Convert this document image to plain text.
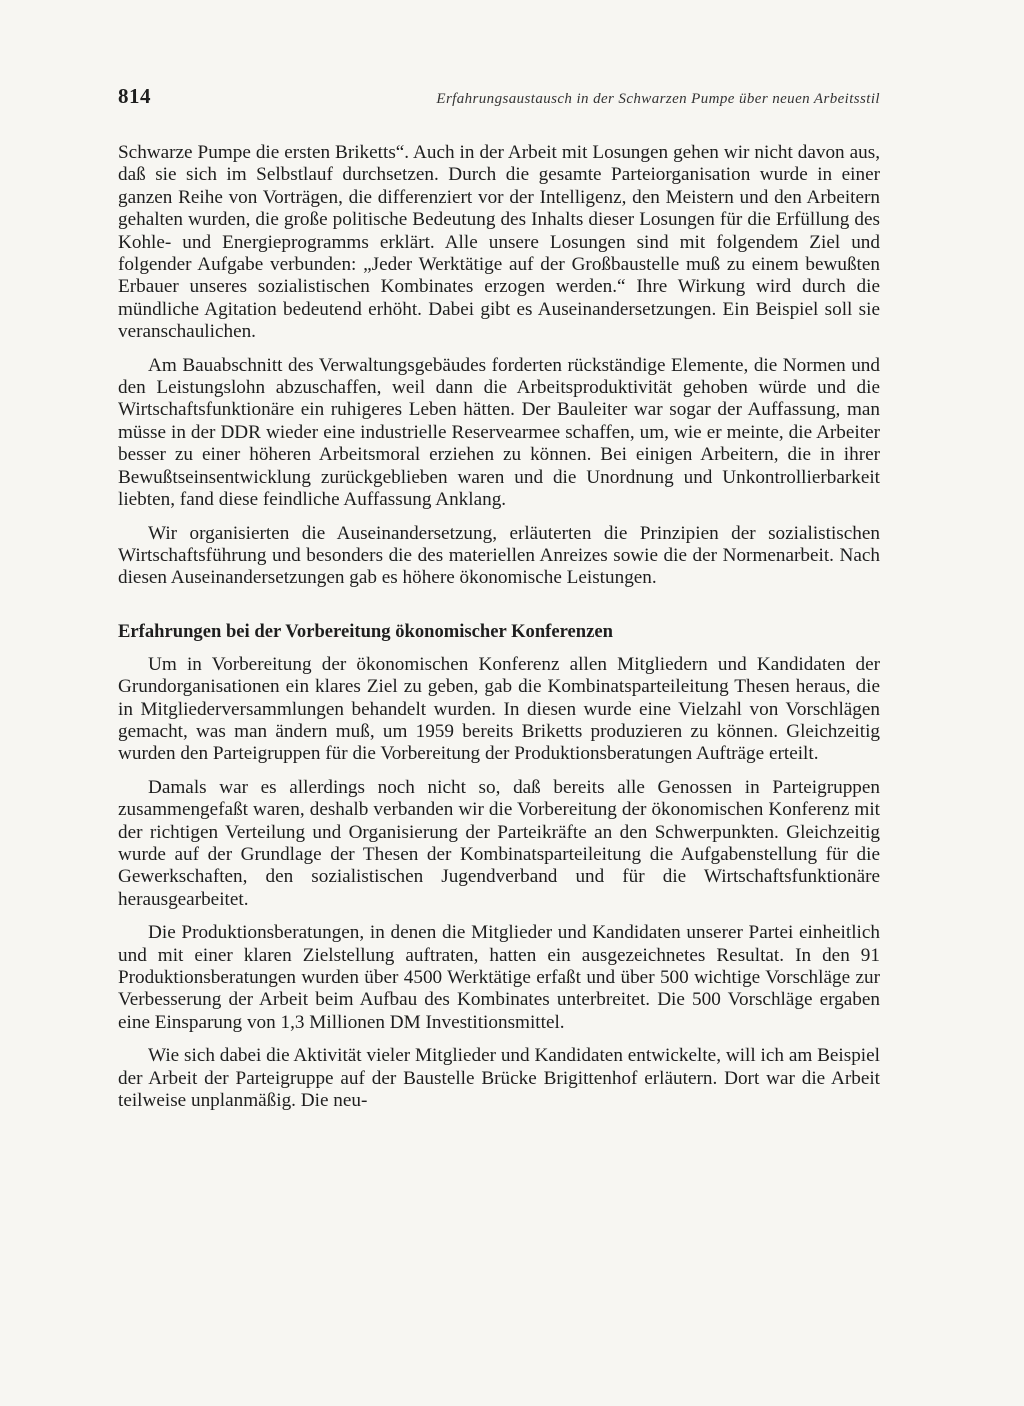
814	Erfahrungsaustausch in der Schwarzen Pumpe über neuen Arbeitsstil

Schwarze Pumpe die ersten Briketts“. Auch in der Arbeit mit Losungen gehen wir nicht davon aus, daß sie sich im Selbstlauf durchsetzen. Durch die gesamte Parteiorganisation wurde in einer ganzen Reihe von Vorträgen, die differenziert vor der Intelligenz, den Meistern und den Arbeitern gehalten wurden, die große politische Bedeutung des Inhalts dieser Losungen für die Erfüllung des Kohle- und Energieprogramms erklärt. Alle unsere Losungen sind mit folgendem Ziel und folgender Aufgabe verbunden: „Jeder Werktätige auf der Großbaustelle muß zu einem bewußten Erbauer unseres sozialistischen Kombinates erzogen werden.“ Ihre Wirkung wird durch die mündliche Agitation bedeutend erhöht. Dabei gibt es Auseinandersetzungen. Ein Beispiel soll sie veranschaulichen.

Am Bauabschnitt des Verwaltungsgebäudes forderten rückständige Elemente, die Normen und den Leistungslohn abzuschaffen, weil dann die Arbeitsproduktivität gehoben würde und die Wirtschaftsfunktionäre ein ruhigeres Leben hätten. Der Bauleiter war sogar der Auffassung, man müsse in der DDR wieder eine industrielle Reservearmee schaffen, um, wie er meinte, die Arbeiter besser zu einer höheren Arbeitsmoral erziehen zu können. Bei einigen Arbeitern, die in ihrer Bewußtseinsentwicklung zurückgeblieben waren und die Unordnung und Unkontrollierbarkeit liebten, fand diese feindliche Auffassung Anklang.

Wir organisierten die Auseinandersetzung, erläuterten die Prinzipien der sozialistischen Wirtschaftsführung und besonders die des materiellen Anreizes sowie die der Normenarbeit. Nach diesen Auseinandersetzungen gab es höhere ökonomische Leistungen.

Erfahrungen bei der Vorbereitung ökonomischer Konferenzen

Um in Vorbereitung der ökonomischen Konferenz allen Mitgliedern und Kandidaten der Grundorganisationen ein klares Ziel zu geben, gab die Kombinatsparteileitung Thesen heraus, die in Mitgliederversammlungen behandelt wurden. In diesen wurde eine Vielzahl von Vorschlägen gemacht, was man ändern muß, um 1959 bereits Briketts produzieren zu können. Gleichzeitig wurden den Parteigruppen für die Vorbereitung der Produktionsberatungen Aufträge erteilt.

Damals war es allerdings noch nicht so, daß bereits alle Genossen in Parteigruppen zusammengefaßt waren, deshalb verbanden wir die Vorbereitung der ökonomischen Konferenz mit der richtigen Verteilung und Organisierung der Parteikräfte an den Schwerpunkten. Gleichzeitig wurde auf der Grundlage der Thesen der Kombinatsparteileitung die Aufgabenstellung für die Gewerkschaften, den sozialistischen Jugendverband und für die Wirtschaftsfunktionäre herausgearbeitet.

Die Produktionsberatungen, in denen die Mitglieder und Kandidaten unserer Partei einheitlich und mit einer klaren Zielstellung auftraten, hatten ein ausgezeichnetes Resultat. In den 91 Produktionsberatungen wurden über 4500 Werktätige erfaßt und über 500 wichtige Vorschläge zur Verbesserung der Arbeit beim Aufbau des Kombinates unterbreitet. Die 500 Vorschläge ergaben eine Einsparung von 1,3 Millionen DM Investitionsmittel.

Wie sich dabei die Aktivität vieler Mitglieder und Kandidaten entwickelte, will ich am Beispiel der Arbeit der Parteigruppe auf der Baustelle Brücke Brigittenhof erläutern. Dort war die Arbeit teilweise unplanmäßig. Die neu-
